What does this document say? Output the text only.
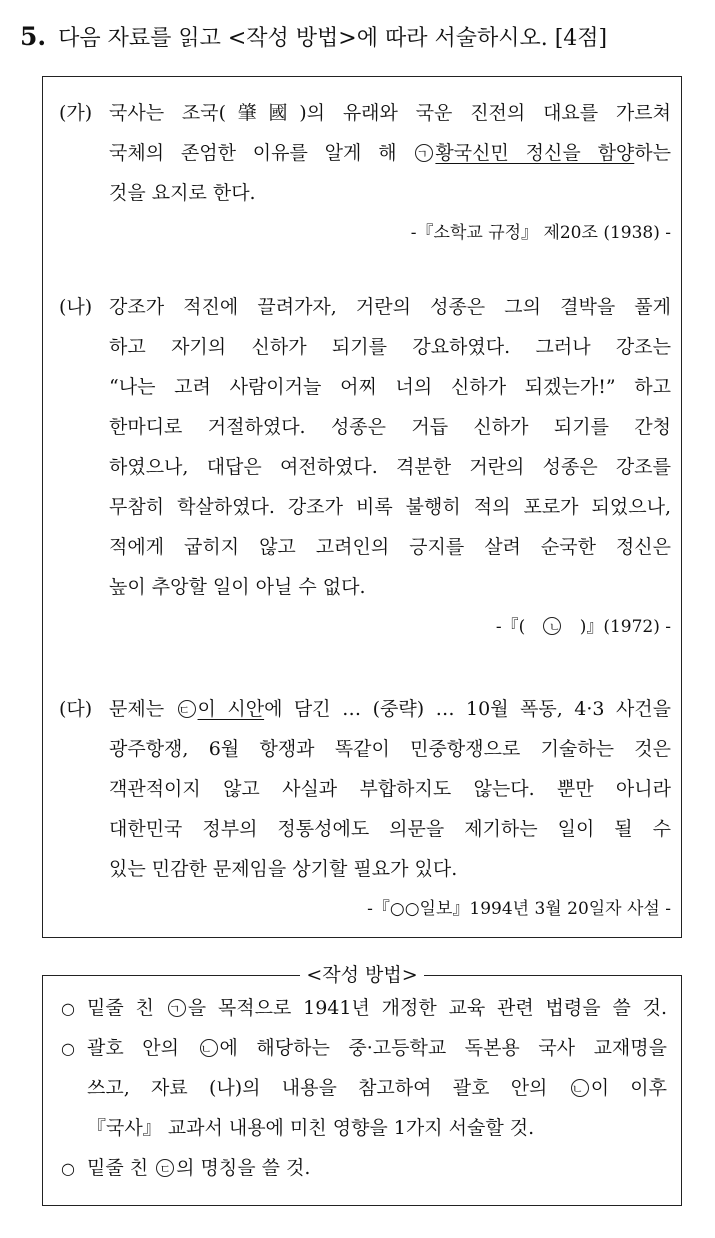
5. 다음 자료를 읽고 <작성 방법>에 따라 서술하시오. [4점]
(가) 국사는 조국(肇國)의 유래와 국운 진전의 대요를 가르쳐
국체의 존엄한 이유를 알게 해 ㄱ 황국신민 정신을 함양하는
것을 요지로 한다.
-『소학교 규정』 제20조 (1938) -
(나) 강조가 적진에 끌려가자, 거란의 성종은 그의 결박을 풀게
하고 자기의 신하가 되기를 강요하였다. 그러나 강조는
“나는 고려 사람이거늘 어찌 너의 신하가 되겠는가!” 하고
한마디로 거절하였다. 성종은 거듭 신하가 되기를 간청
하였으나, 대답은 여전하였다. 격분한 거란의 성종은 강조를
무참히 학살하였다. 강조가 비록 불행히 적의 포로가 되었으나,
적에게 굽히지 않고 고려인의 긍지를 살려 순국한 정신은
높이 추앙할 일이 아닐 수 없다.
-『( ㄴ )』(1972) -
(다) 문제는 ㄷ 이 시안에 담긴 … (중략) … 10월 폭동, 4·3 사건을
광주항쟁, 6월 항쟁과 똑같이 민중항쟁으로 기술하는 것은
객관적이지 않고 사실과 부합하지도 않는다. 뿐만 아니라
대한민국 정부의 정통성에도 의문을 제기하는 일이 될 수
있는 민감한 문제임을 상기할 필요가 있다.
-『○○일보』1994년 3월 20일자 사설 -
○ 밑줄 친 ㄱ 을 목적으로 1941년 개정한 교육 관련 법령을 쓸 것.
○ 괄호 안의 ㄴ 에 해당하는 중·고등학교 독본용 국사 교재명을
쓰고, 자료 (나)의 내용을 참고하여 괄호 안의 ㄴ 이 이후
『국사』 교과서 내용에 미친 영향을 1가지 서술할 것.
○ 밑줄 친 ㄷ 의 명칭을 쓸 것.
<작성 방법>
